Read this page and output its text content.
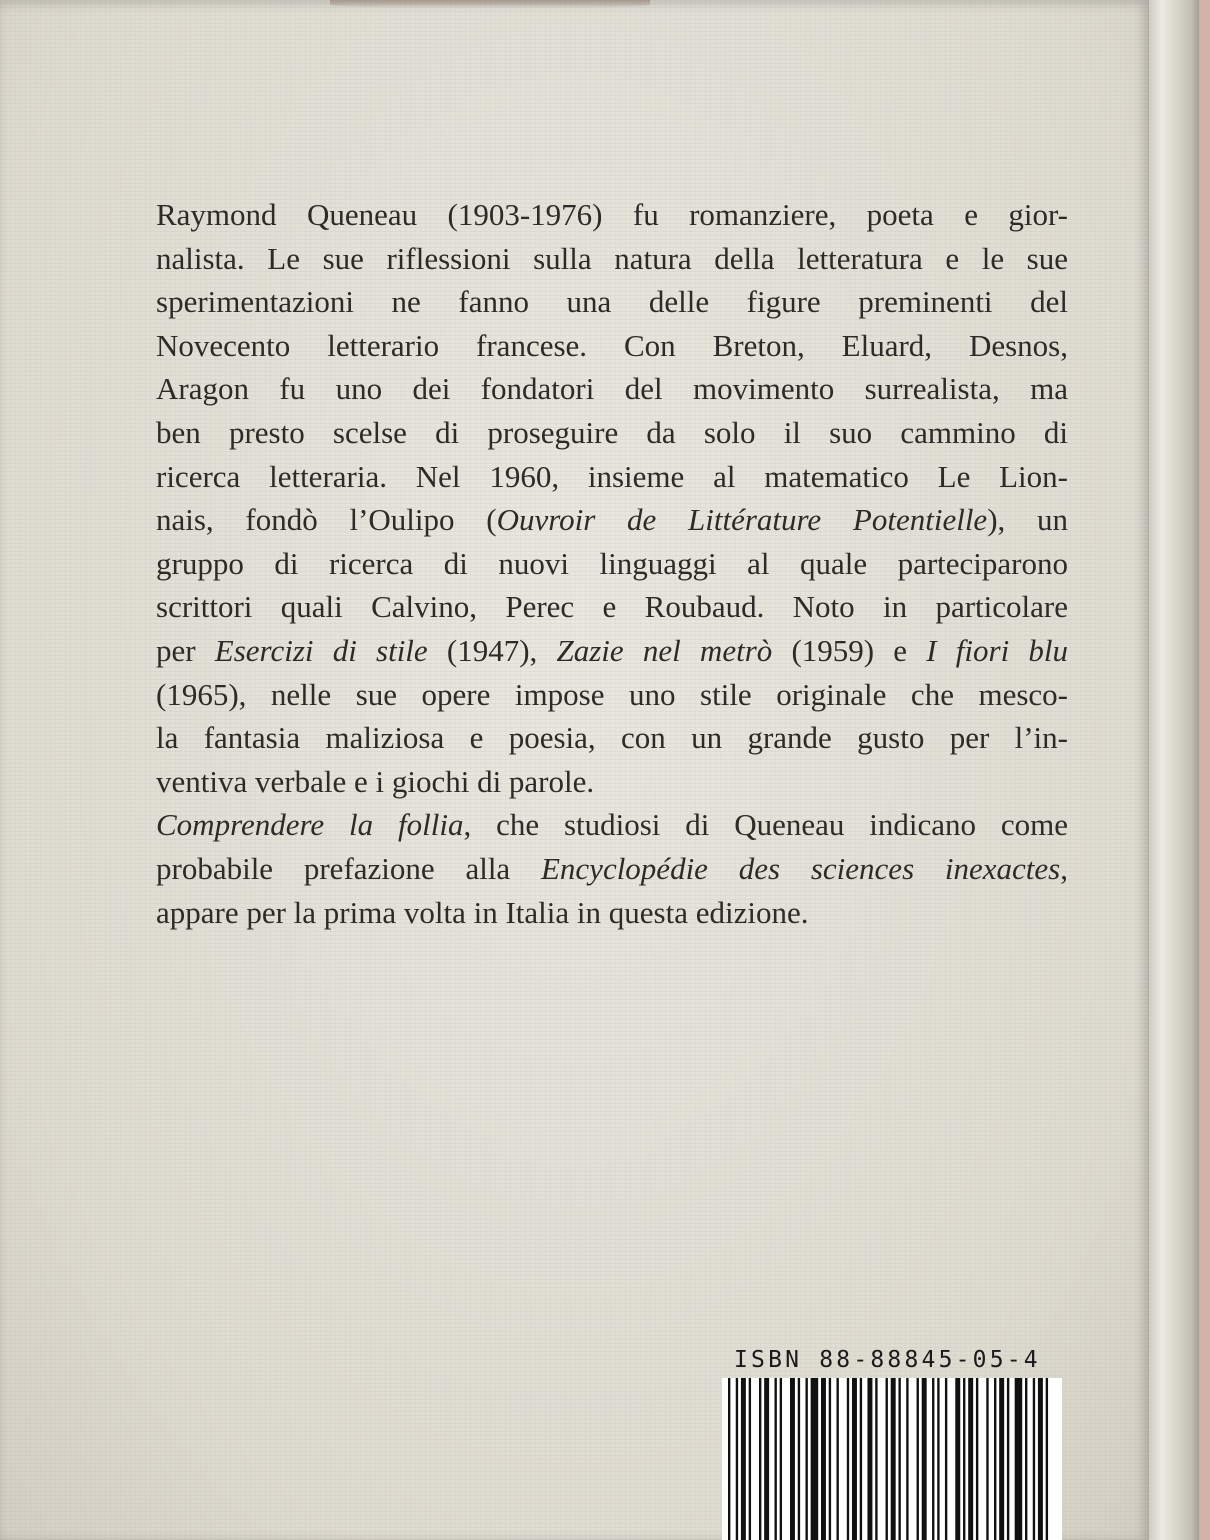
Raymond Queneau (1903-1976) fu romanziere, poeta e gior-
nalista. Le sue riflessioni sulla natura della letteratura e le sue
sperimentazioni ne fanno una delle figure preminenti del
Novecento letterario francese. Con Breton, Eluard, Desnos,
Aragon fu uno dei fondatori del movimento surrealista, ma
ben presto scelse di proseguire da solo il suo cammino di
ricerca letteraria. Nel 1960, insieme al matematico Le Lion-
nais, fondò l’Oulipo (Ouvroir de Littérature Potentielle), un
gruppo di ricerca di nuovi linguaggi al quale parteciparono
scrittori quali Calvino, Perec e Roubaud. Noto in particolare
per Esercizi di stile (1947), Zazie nel metrò (1959) e I fiori blu
(1965), nelle sue opere impose uno stile originale che mesco-
la fantasia maliziosa e poesia, con un grande gusto per l’in-
ventiva verbale e i giochi di parole.
Comprendere la follia, che studiosi di Queneau indicano come
probabile prefazione alla Encyclopédie des sciences inexactes,
appare per la prima volta in Italia in questa edizione.

ISBN 88-88845-05-4
